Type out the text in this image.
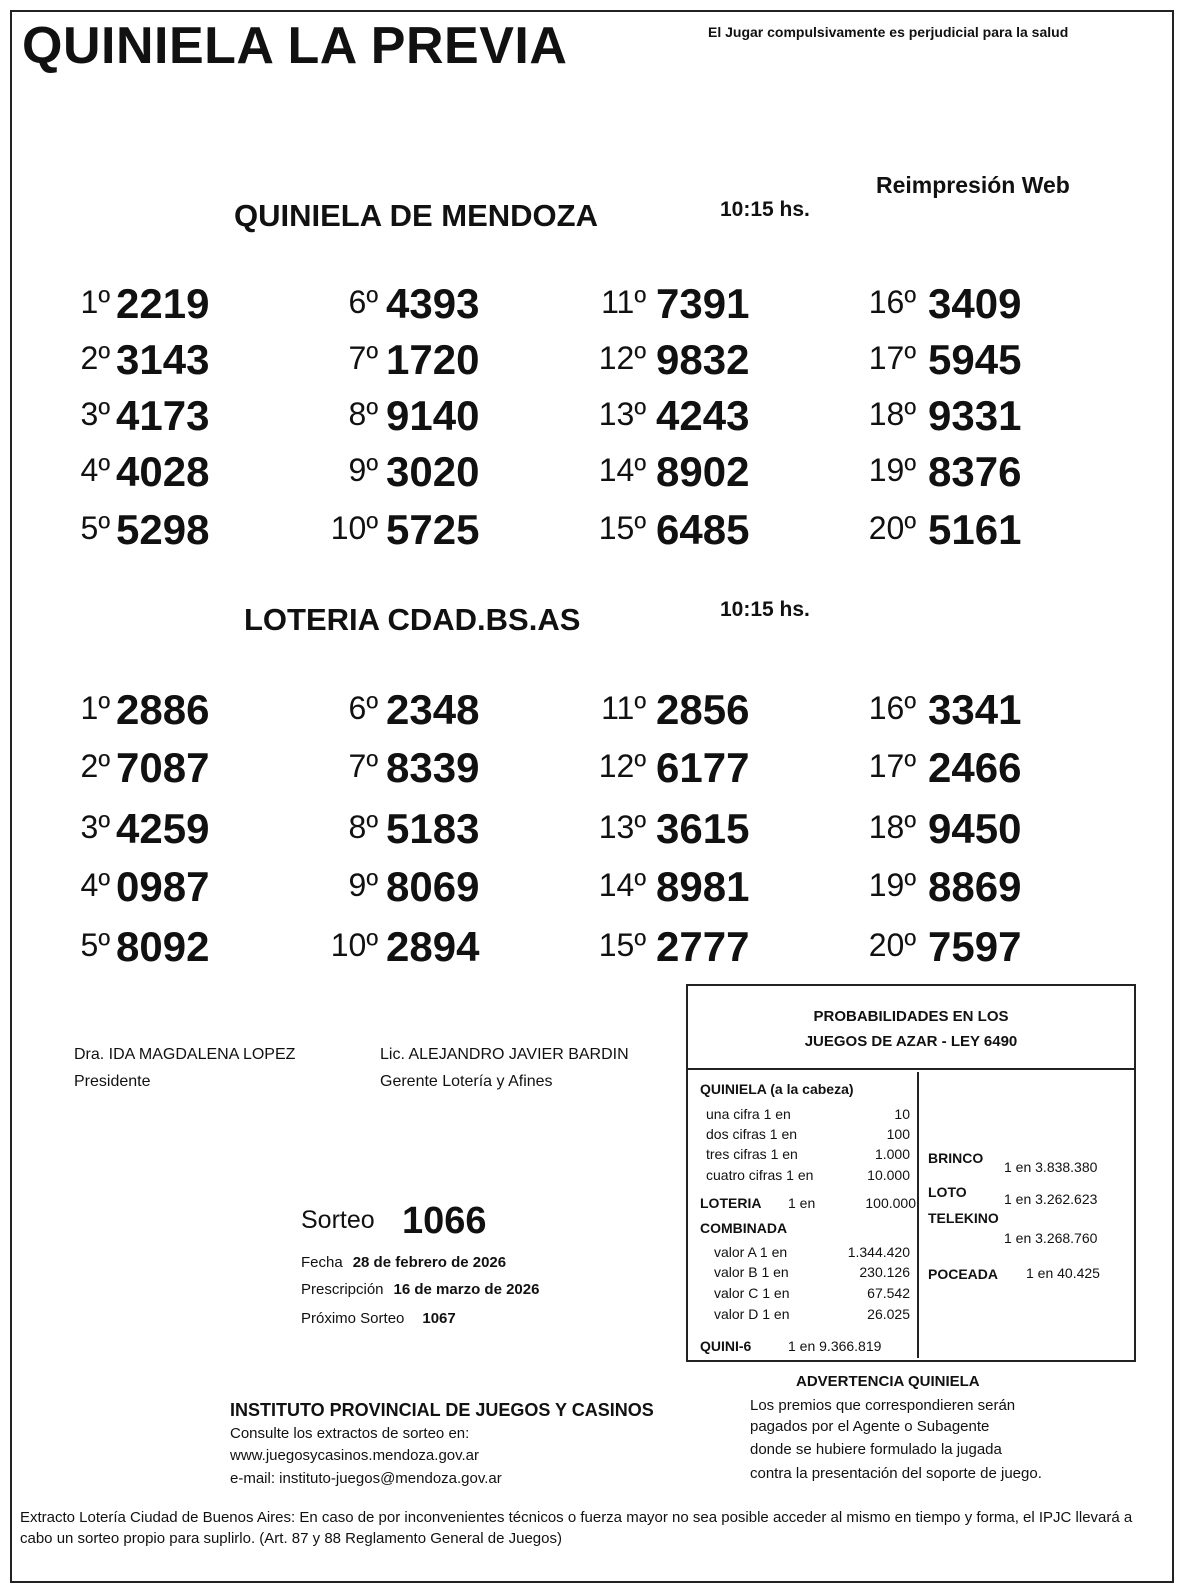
QUINIELA LA PREVIA	El Jugar compulsivamente es perjudicial para la salud
Reimpresión Web
QUINIELA DE MENDOZA	10:15 hs.
1º 2219
2º 3143
3º 4173
4º 4028
5º 5298
6º 4393
7º 1720
8º 9140
9º 3020
10º 5725
11º 7391
12º 9832
13º 4243
14º 8902
15º 6485
16º 3409
17º 5945
18º 9331
19º 8376
20º 5161
LOTERIA CDAD.BS.AS	10:15 hs.
1º 2886
2º 7087
3º 4259
4º 0987
5º 8092
6º 2348
7º 8339
8º 5183
9º 8069
10º 2894
11º 2856
12º 6177
13º 3615
14º 8981
15º 2777
16º 3341
17º 2466
18º 9450
19º 8869
20º 7597
Dra. IDA MAGDALENA LOPEZ
Presidente
Lic. ALEJANDRO JAVIER BARDIN
Gerente Lotería y Afines
Sorteo 1066
Fecha 28 de febrero de 2026
Prescripción 16 de marzo de 2026
Próximo Sorteo 1067
PROBABILIDADES EN LOS
JUEGOS DE AZAR - LEY 6490
QUINIELA (a la cabeza)
una cifra 1 en	10
dos cifras 1 en	100
tres cifras 1 en	1.000
cuatro cifras 1 en	10.000
LOTERIA 1 en	100.000
COMBINADA
valor A 1 en	1.344.420
valor B 1 en	230.126
valor C 1 en	67.542
valor D 1 en	26.025
QUINI-6	1 en 9.366.819
BRINCO
1 en 3.838.380
LOTO	1 en 3.262.623
TELEKINO
1 en 3.268.760
POCEADA 1 en 40.425
INSTITUTO PROVINCIAL DE JUEGOS Y CASINOS
Consulte los extractos de sorteo en:
www.juegosycasinos.mendoza.gov.ar
e-mail: instituto-juegos@mendoza.gov.ar
ADVERTENCIA QUINIELA
Los premios que correspondieren serán
pagados por el Agente o Subagente
donde se hubiere formulado la jugada
contra la presentación del soporte de juego.
Extracto Lotería Ciudad de Buenos Aires: En caso de por inconvenientes técnicos o fuerza mayor no sea posible acceder al mismo en tiempo y forma, el IPJC llevará a cabo un sorteo propio para suplirlo. (Art. 87 y 88 Reglamento General de Juegos)
